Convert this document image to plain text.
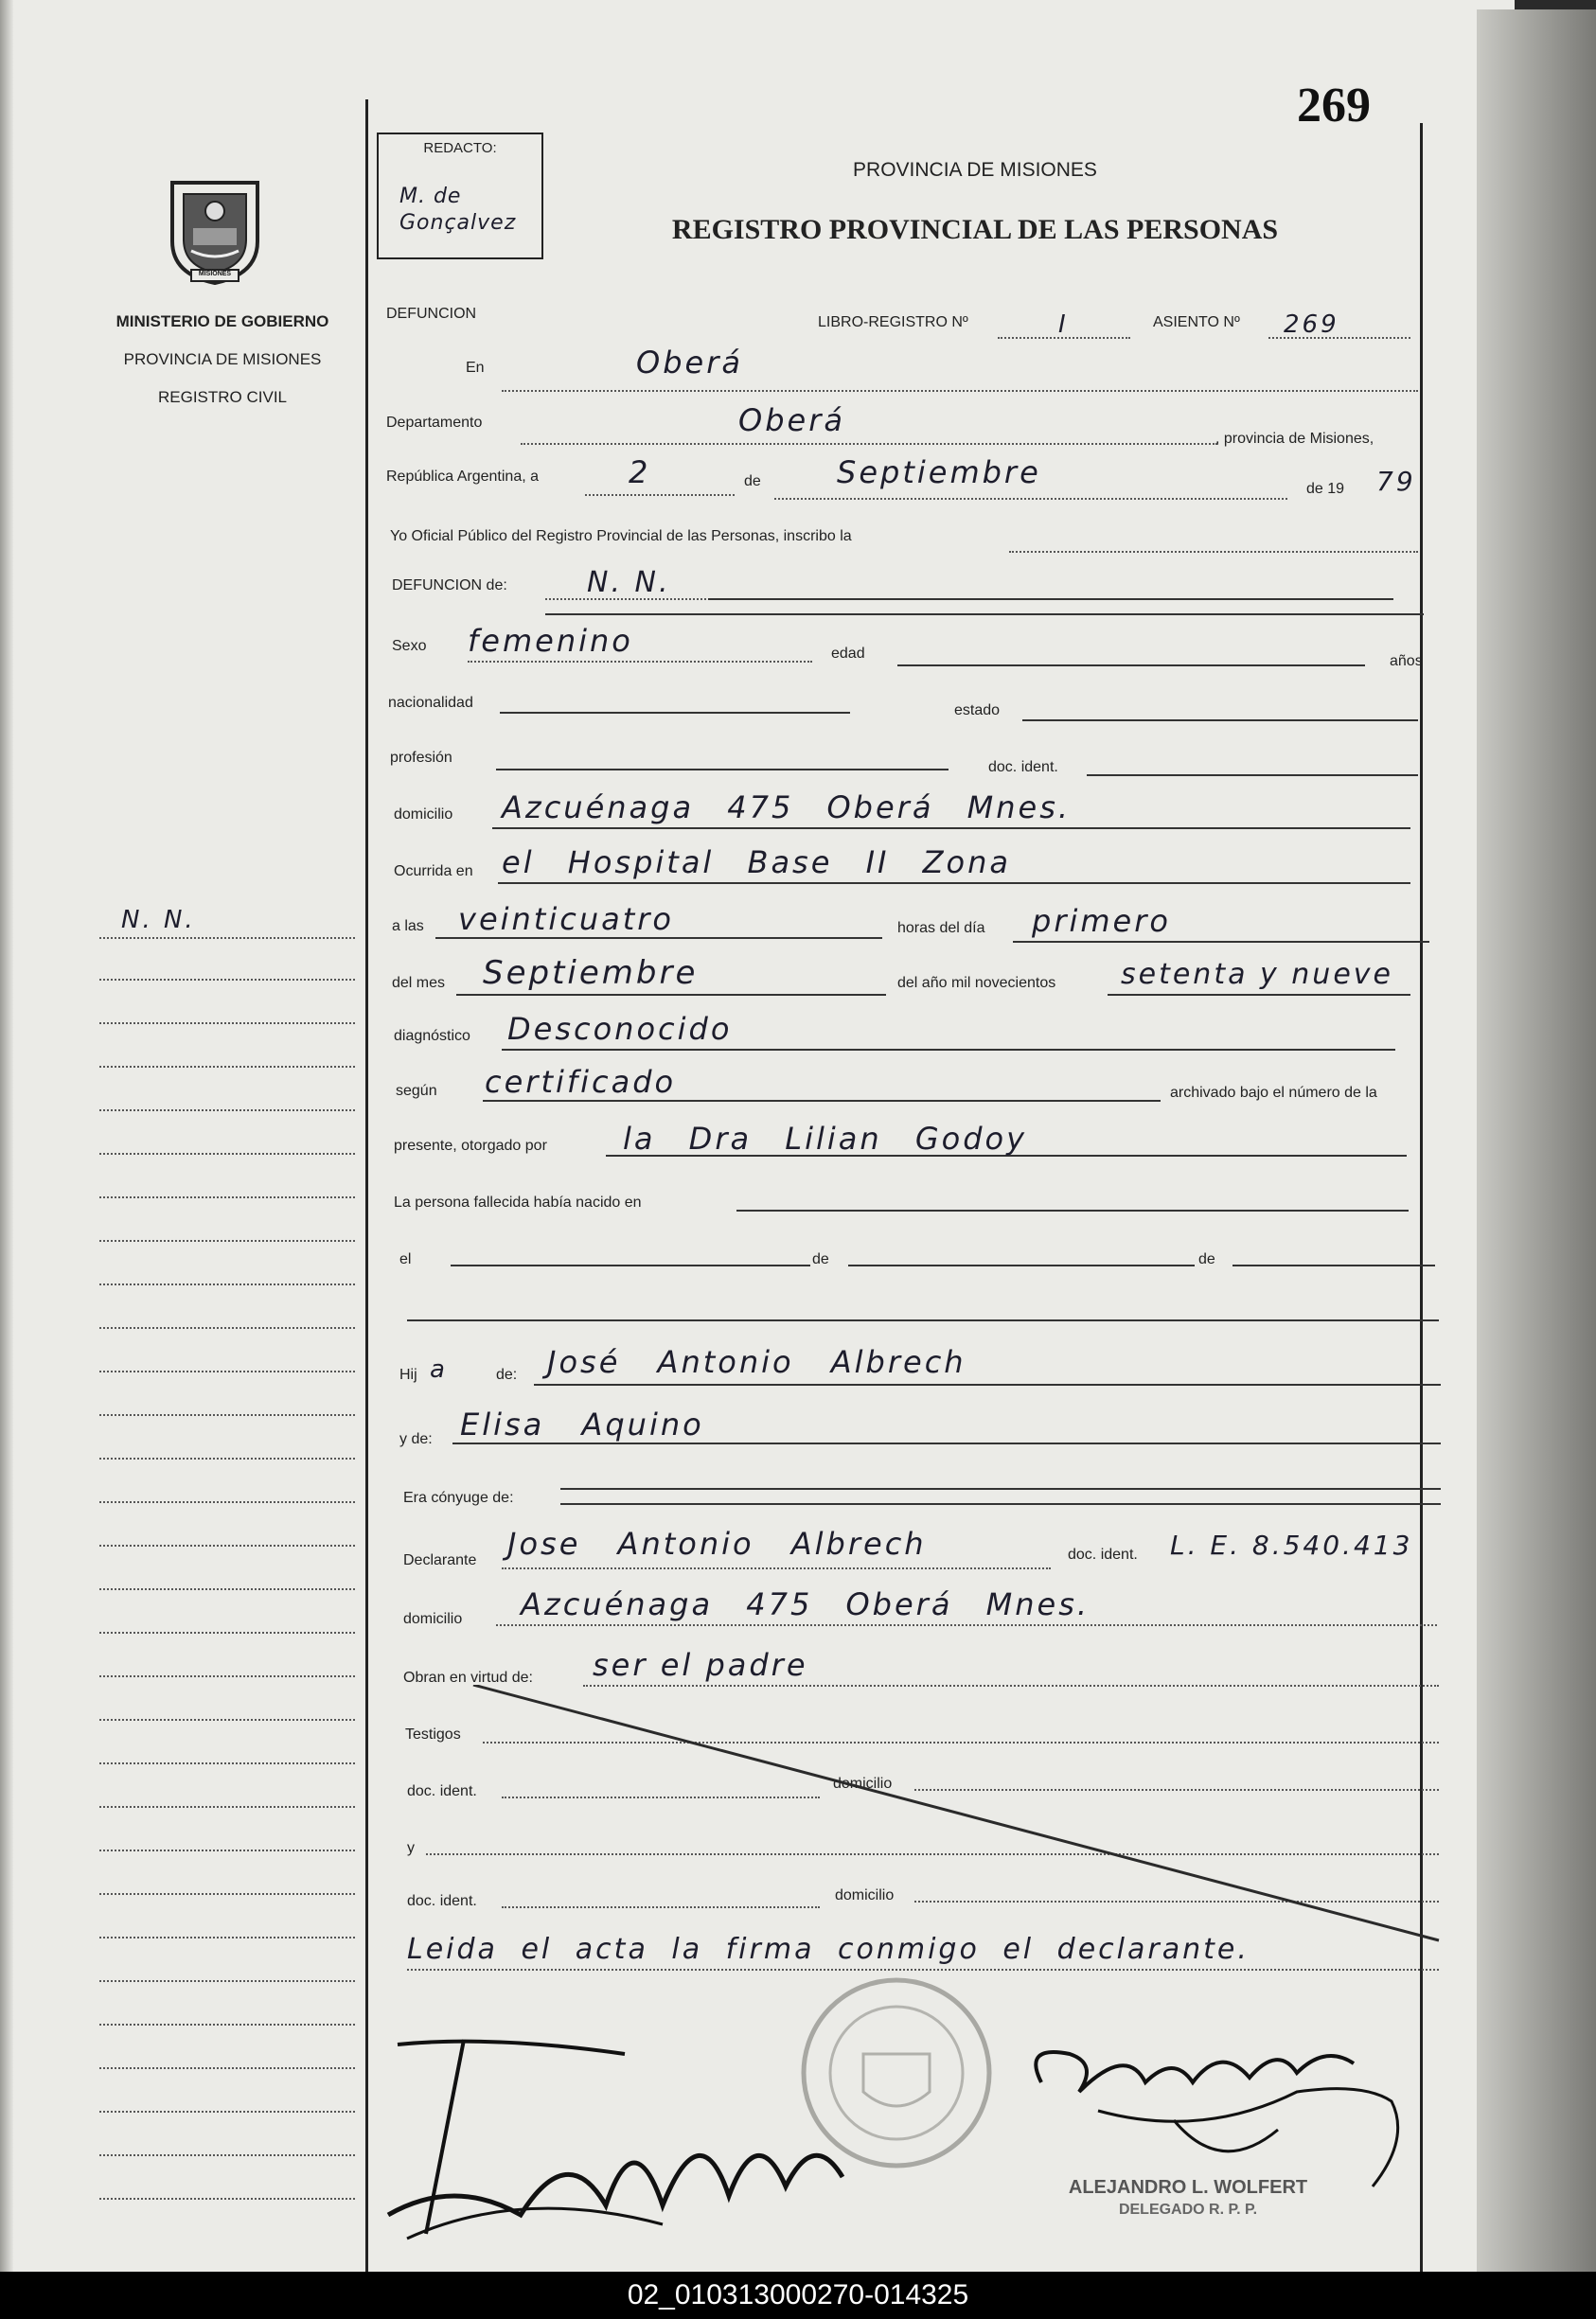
269
MISIONES
MINISTERIO DE GOBIERNO
PROVINCIA DE MISIONES
REGISTRO CIVIL
N. N.
REDACTO:
M. de Gonçalvez
PROVINCIA DE MISIONES
REGISTRO PROVINCIAL DE LAS PERSONAS
DEFUNCION
LIBRO-REGISTRO Nº	I	ASIENTO Nº 269
En	Oberá
Departamento	Oberá
, provincia de Misiones,
República Argentina, a	2	de	Septiembre	de 19 79
Yo Oficial Público del Registro Provincial de las Personas, inscribo la
DEFUNCION de:	N. N.
Sexo femenino	edad	años
nacionalidad	estado
profesión
doc. ident.
domicilio Azcuénaga 475 Oberá Mnes.
Ocurrida en el Hospital Base II Zona
a las veinticuatro	horas del día primero
del mes Septiembre	del año mil novecientos setenta y nueve
diagnóstico Desconocido
según certificado	archivado bajo el número de la
presente, otorgado por	la Dra Lilian Godoy
La persona fallecida había nacido en
el	de	de
Hij a	de: José Antonio Albrech
y de: Elisa Aquino
Era cónyuge de:
Declarante Jose Antonio Albrech	doc. ident. L. E. 8.540.413
domicilio Azcuénaga 475 Oberá Mnes.
Obran en virtud de: ser el padre
Testigos
doc. ident.	domicilio
y
doc. ident.	domicilio
Leida el acta la firma conmigo el declarante.
ALEJANDRO L. WOLFERT
DELEGADO R. P. P.
02_010313000270-014325
